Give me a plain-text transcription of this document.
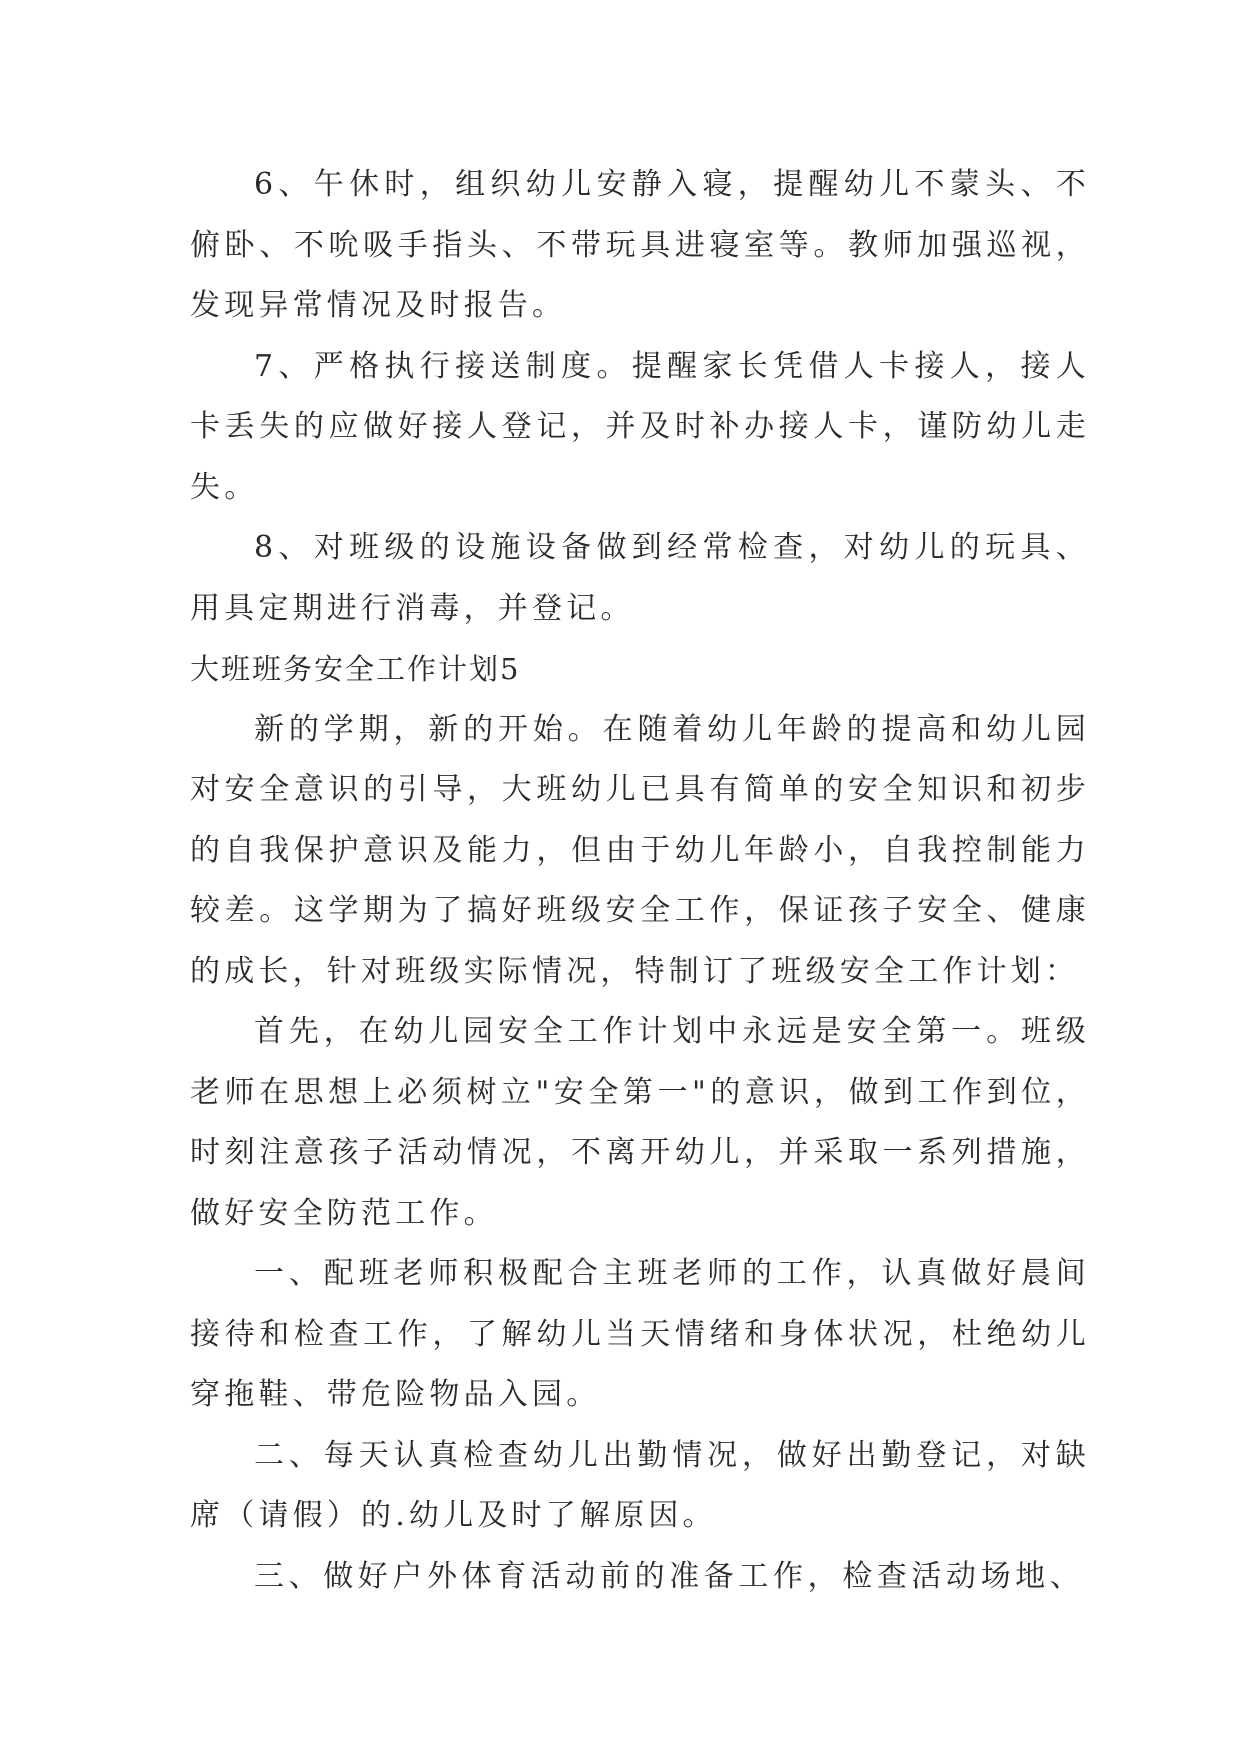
6、午休时，组织幼儿安静入寝，提醒幼儿不蒙头、不俯卧、不吮吸手指头、不带玩具进寝室等。教师加强巡视，发现异常情况及时报告。

7、严格执行接送制度。提醒家长凭借人卡接人，接人卡丢失的应做好接人登记，并及时补办接人卡，谨防幼儿走失。

8、对班级的设施设备做到经常检查，对幼儿的玩具、用具定期进行消毒，并登记。

大班班务安全工作计划5

新的学期，新的开始。在随着幼儿年龄的提高和幼儿园对安全意识的引导，大班幼儿已具有简单的安全知识和初步的自我保护意识及能力，但由于幼儿年龄小，自我控制能力较差。这学期为了搞好班级安全工作，保证孩子安全、健康的成长，针对班级实际情况，特制订了班级安全工作计划：

首先，在幼儿园安全工作计划中永远是安全第一。班级老师在思想上必须树立"安全第一"的意识，做到工作到位，时刻注意孩子活动情况，不离开幼儿，并采取一系列措施，做好安全防范工作。

一、配班老师积极配合主班老师的工作，认真做好晨间接待和检查工作，了解幼儿当天情绪和身体状况，杜绝幼儿穿拖鞋、带危险物品入园。

二、每天认真检查幼儿出勤情况，做好出勤登记，对缺席（请假）的.幼儿及时了解原因。

三、做好户外体育活动前的准备工作，检查活动场地、
